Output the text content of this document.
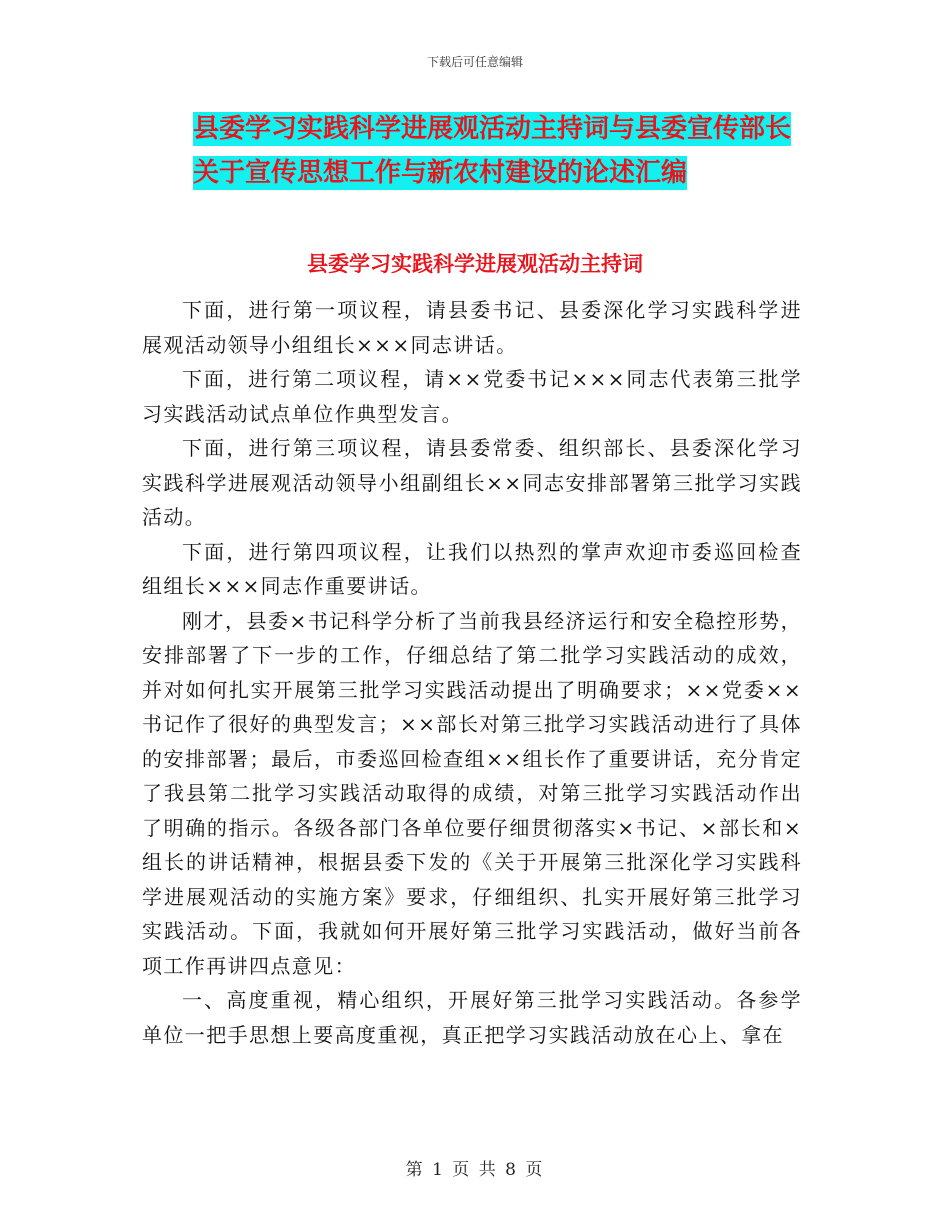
下载后可任意编辑
县委学习实践科学进展观活动主持词与县委宣传部长
关于宣传思想工作与新农村建设的论述汇编
县委学习实践科学进展观活动主持词

下面，进行第一项议程，请县委书记、县委深化学习实践科学进展观活动领导小组组长×××同志讲话。

下面，进行第二项议程，请××党委书记×××同志代表第三批学习实践活动试点单位作典型发言。

下面，进行第三项议程，请县委常委、组织部长、县委深化学习实践科学进展观活动领导小组副组长××同志安排部署第三批学习实践活动。

下面，进行第四项议程，让我们以热烈的掌声欢迎市委巡回检查组组长×××同志作重要讲话。

刚才，县委×书记科学分析了当前我县经济运行和安全稳控形势，安排部署了下一步的工作，仔细总结了第二批学习实践活动的成效，并对如何扎实开展第三批学习实践活动提出了明确要求；××党委××书记作了很好的典型发言；××部长对第三批学习实践活动进行了具体的安排部署；最后，市委巡回检查组××组长作了重要讲话，充分肯定了我县第二批学习实践活动取得的成绩，对第三批学习实践活动作出了明确的指示。各级各部门各单位要仔细贯彻落实×书记、×部长和×组长的讲话精神，根据县委下发的《关于开展第三批深化学习实践科学进展观活动的实施方案》要求，仔细组织、扎实开展好第三批学习实践活动。下面，我就如何开展好第三批学习实践活动，做好当前各项工作再讲四点意见：

一、高度重视，精心组织，开展好第三批学习实践活动。各参学单位一把手思想上要高度重视，真正把学习实践活动放在心上、拿在

第 1 页 共 8 页
